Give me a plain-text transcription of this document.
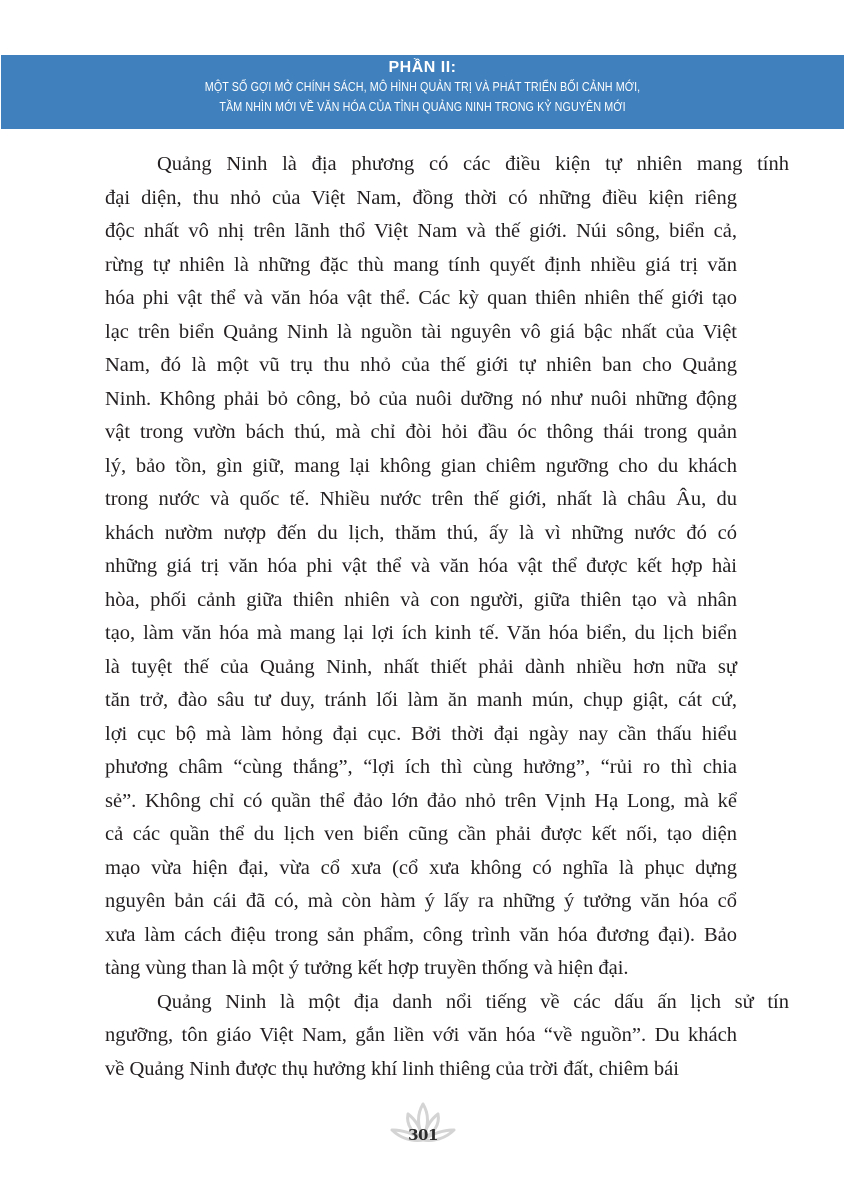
PHẦN II:
MỘT SỐ GỢI MỞ CHÍNH SÁCH, MÔ HÌNH QUẢN TRỊ VÀ PHÁT TRIỂN BỐI CẢNH MỚI,
TẦM NHÌN MỚI VỀ VĂN HÓA CỦA TỈNH QUẢNG NINH TRONG KỶ NGUYÊN MỚI
Quảng Ninh là địa phương có các điều kiện tự nhiên mang tính
đại diện, thu nhỏ của Việt Nam, đồng thời có những điều kiện riêng
độc nhất vô nhị trên lãnh thổ Việt Nam và thế giới. Núi sông, biển cả,
rừng tự nhiên là những đặc thù mang tính quyết định nhiều giá trị văn
hóa phi vật thể và văn hóa vật thể. Các kỳ quan thiên nhiên thế giới tạo
lạc trên biển Quảng Ninh là nguồn tài nguyên vô giá bậc nhất của Việt
Nam, đó là một vũ trụ thu nhỏ của thế giới tự nhiên ban cho Quảng
Ninh. Không phải bỏ công, bỏ của nuôi dưỡng nó như nuôi những động
vật trong vườn bách thú, mà chỉ đòi hỏi đầu óc thông thái trong quản
lý, bảo tồn, gìn giữ, mang lại không gian chiêm ngưỡng cho du khách
trong nước và quốc tế. Nhiều nước trên thế giới, nhất là châu Âu, du
khách nườm nượp đến du lịch, thăm thú, ấy là vì những nước đó có
những giá trị văn hóa phi vật thể và văn hóa vật thể được kết hợp hài
hòa, phối cảnh giữa thiên nhiên và con người, giữa thiên tạo và nhân
tạo, làm văn hóa mà mang lại lợi ích kinh tế. Văn hóa biển, du lịch biển
là tuyệt thế của Quảng Ninh, nhất thiết phải dành nhiều hơn nữa sự
tăn trở, đào sâu tư duy, tránh lối làm ăn manh mún, chụp giật, cát cứ,
lợi cục bộ mà làm hỏng đại cục. Bởi thời đại ngày nay cần thấu hiểu
phương châm “cùng thắng”, “lợi ích thì cùng hưởng”, “rủi ro thì chia
sẻ”. Không chỉ có quần thể đảo lớn đảo nhỏ trên Vịnh Hạ Long, mà kể
cả các quần thể du lịch ven biển cũng cần phải được kết nối, tạo diện
mạo vừa hiện đại, vừa cổ xưa (cổ xưa không có nghĩa là phục dựng
nguyên bản cái đã có, mà còn hàm ý lấy ra những ý tưởng văn hóa cổ
xưa làm cách điệu trong sản phẩm, công trình văn hóa đương đại). Bảo
tàng vùng than là một ý tưởng kết hợp truyền thống và hiện đại.
Quảng Ninh là một địa danh nổi tiếng về các dấu ấn lịch sử tín
ngưỡng, tôn giáo Việt Nam, gắn liền với văn hóa “về nguồn”. Du khách
về Quảng Ninh được thụ hưởng khí linh thiêng của trời đất, chiêm bái
301
